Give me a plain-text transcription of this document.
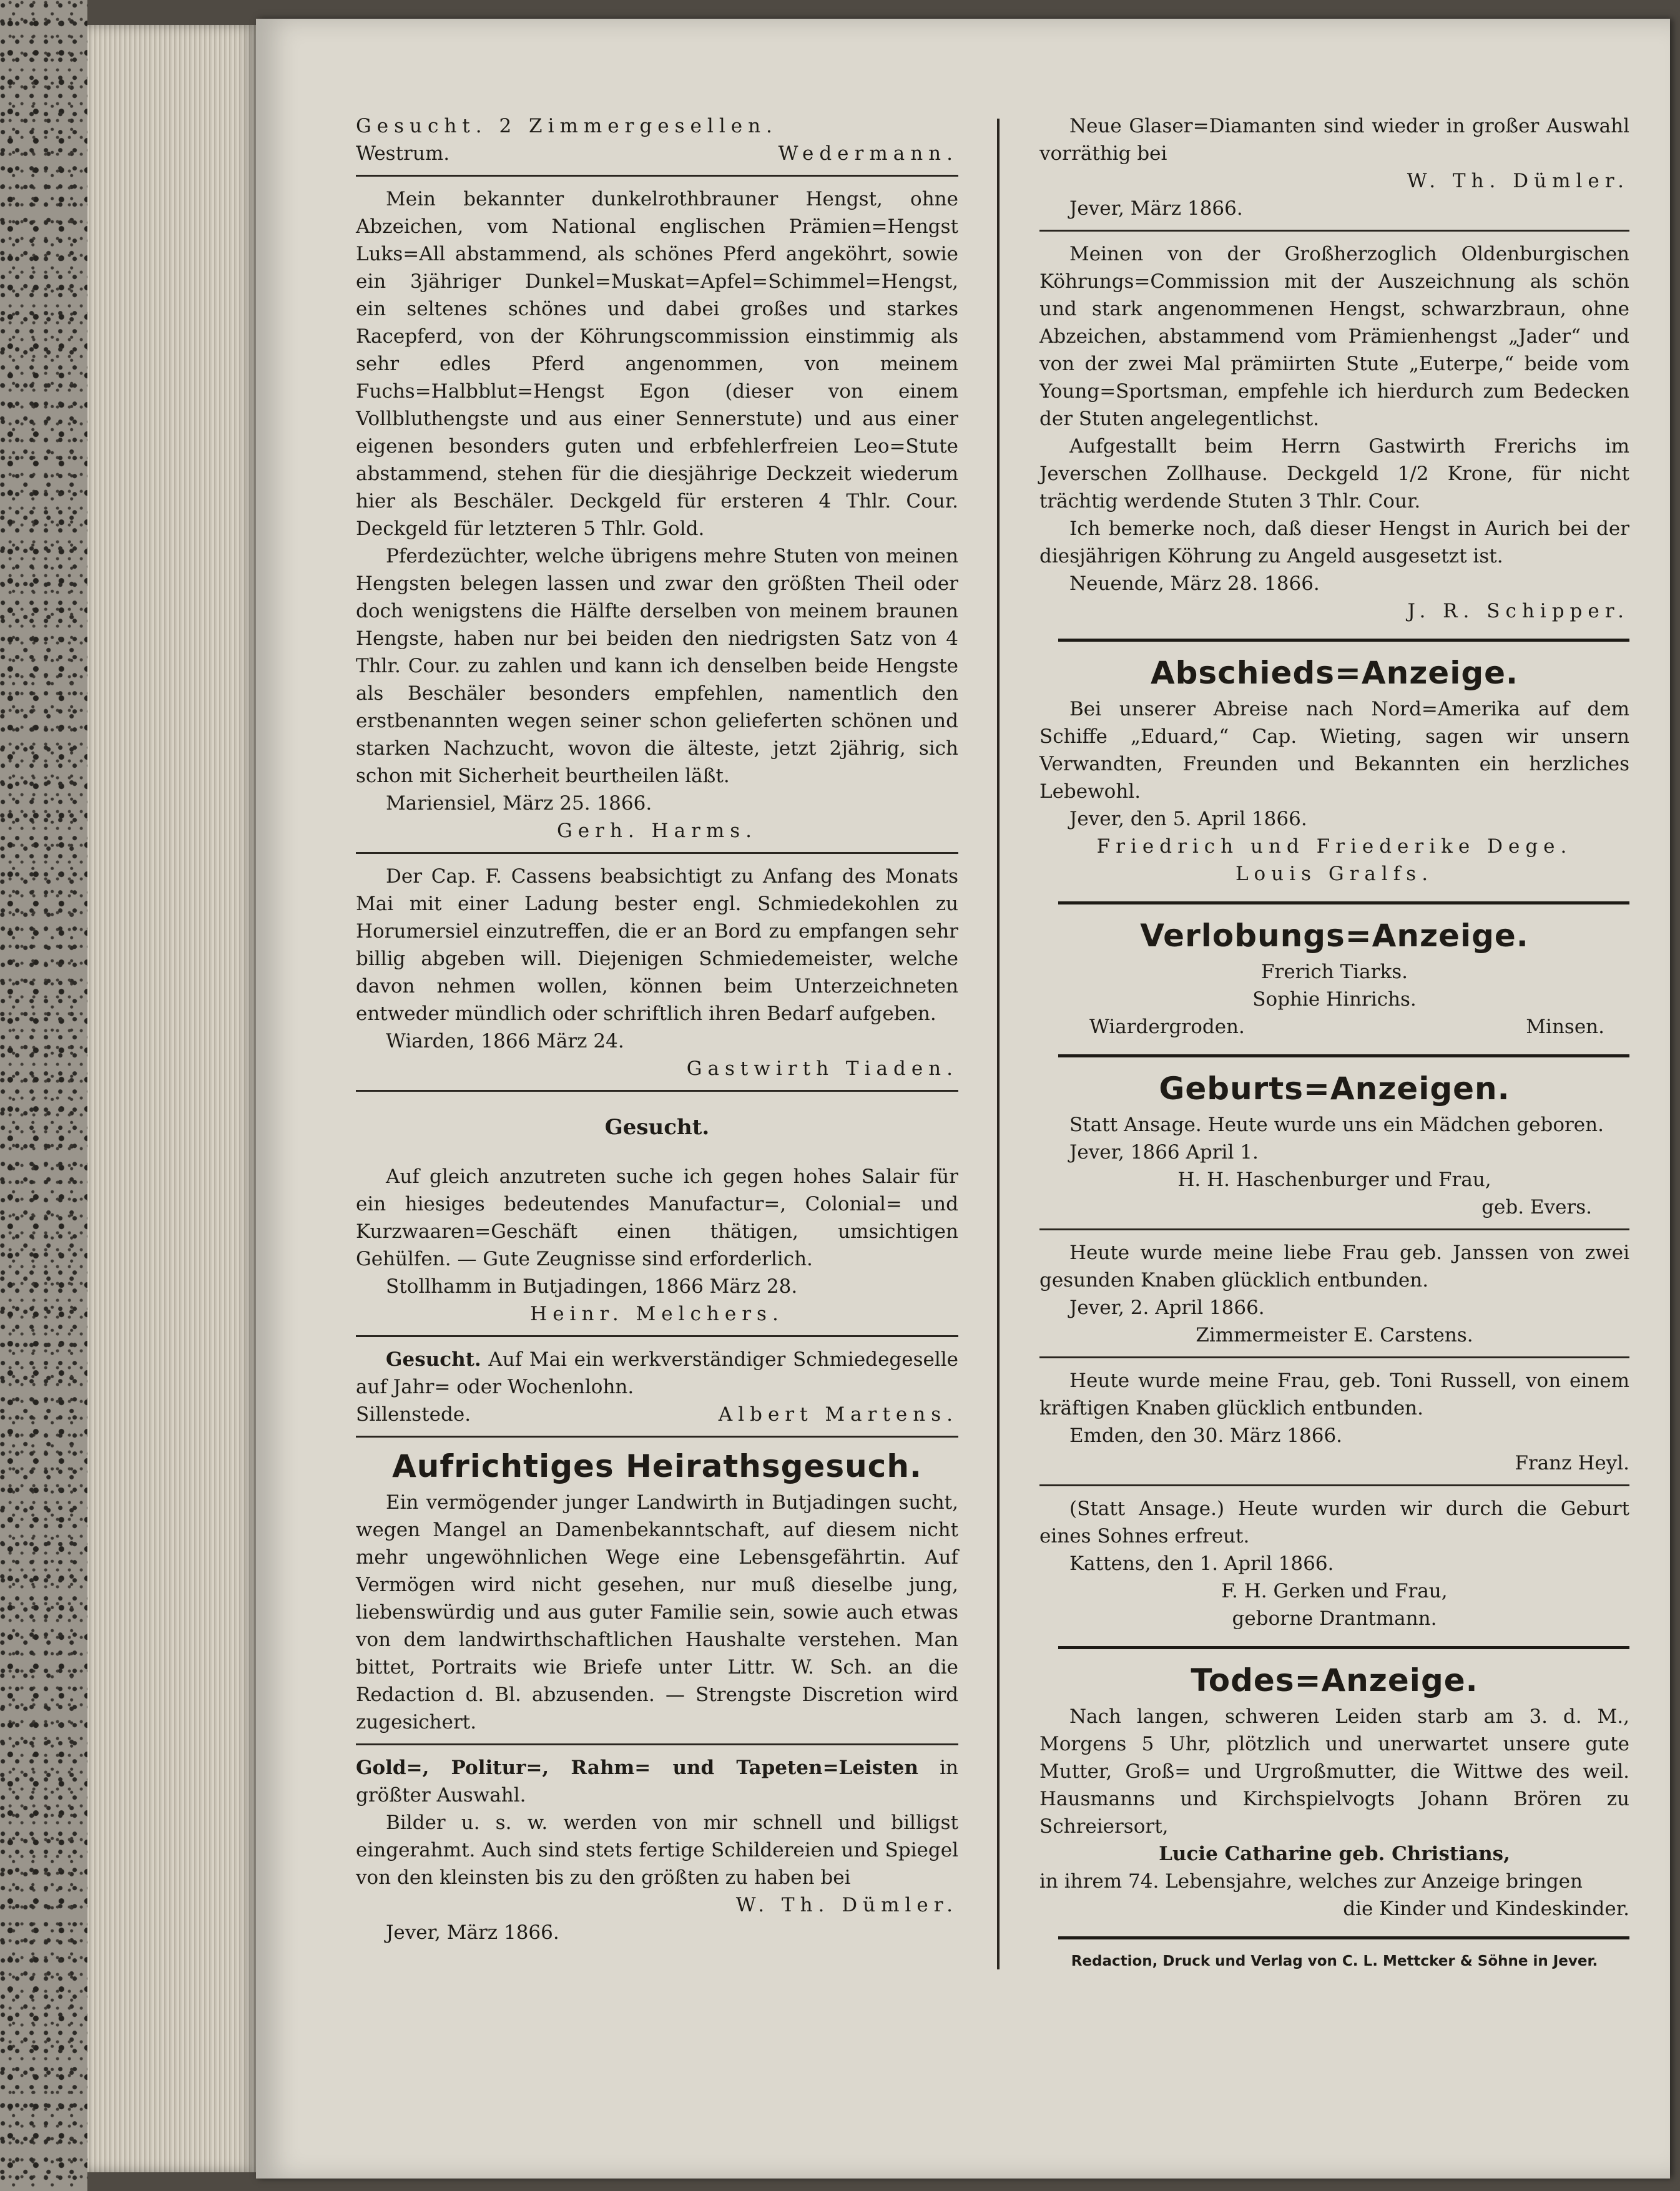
Gesucht. 2 Zimmergesellen.

Westrum.	Wedermann.

Mein bekannter dunkelrothbrauner Hengst, ohne Abzeichen, vom National englischen Prämien=Hengst Luks=All abstammend, als schönes Pferd angeköhrt, sowie ein 3jähriger Dunkel=Muskat=Apfel=Schimmel=Hengst, ein seltenes schönes und dabei großes und starkes Racepferd, von der Köhrungscommission einstimmig als sehr edles Pferd angenommen, von meinem Fuchs=Halbblut=Hengst Egon (dieser von einem Vollbluthengste und aus einer Sennerstute) und aus einer eigenen besonders guten und erbfehlerfreien Leo=Stute abstammend, stehen für die diesjährige Deckzeit wiederum hier als Beschäler. Deckgeld für ersteren 4 Thlr. Cour. Deckgeld für letzteren 5 Thlr. Gold.

Pferdezüchter, welche übrigens mehre Stuten von meinen Hengsten belegen lassen und zwar den größten Theil oder doch wenigstens die Hälfte derselben von meinem braunen Hengste, haben nur bei beiden den niedrigsten Satz von 4 Thlr. Cour. zu zahlen und kann ich denselben beide Hengste als Beschäler besonders empfehlen, namentlich den erstbenannten wegen seiner schon gelieferten schönen und starken Nachzucht, wovon die älteste, jetzt 2jährig, sich schon mit Sicherheit beurtheilen läßt.

Mariensiel, März 25. 1866.

Gerh. Harms.

Der Cap. F. Cassens beabsichtigt zu Anfang des Monats Mai mit einer Ladung bester engl. Schmiedekohlen zu Horumersiel einzutreffen, die er an Bord zu empfangen sehr billig abgeben will. Diejenigen Schmiedemeister, welche davon nehmen wollen, können beim Unterzeichneten entweder mündlich oder schriftlich ihren Bedarf aufgeben.

Wiarden, 1866 März 24.

Gastwirth Tiaden.

Gesucht.

Auf gleich anzutreten suche ich gegen hohes Salair für ein hiesiges bedeutendes Manufactur=, Colonial= und Kurzwaaren=Geschäft einen thätigen, umsichtigen Gehülfen. — Gute Zeugnisse sind erforderlich.

Stollhamm in Butjadingen, 1866 März 28.

Heinr. Melchers.

Gesucht. Auf Mai ein werkverständiger Schmiedegeselle auf Jahr= oder Wochenlohn.

Sillenstede.	Albert Martens.

Aufrichtiges Heirathsgesuch.

Ein vermögender junger Landwirth in Butjadingen sucht, wegen Mangel an Damenbekanntschaft, auf diesem nicht mehr ungewöhnlichen Wege eine Lebensgefährtin. Auf Vermögen wird nicht gesehen, nur muß dieselbe jung, liebenswürdig und aus guter Familie sein, sowie auch etwas von dem landwirthschaftlichen Haushalte verstehen. Man bittet, Portraits wie Briefe unter Littr. W. Sch. an die Redaction d. Bl. abzusenden. — Strengste Discretion wird zugesichert.

Gold=, Politur=, Rahm= und Tapeten=Leisten in größter Auswahl.

Bilder u. s. w. werden von mir schnell und billigst eingerahmt. Auch sind stets fertige Schildereien und Spiegel von den kleinsten bis zu den größten zu haben bei

W. Th. Dümler.

Jever, März 1866.

Neue Glaser=Diamanten sind wieder in großer Auswahl vorräthig bei

W. Th. Dümler.

Jever, März 1866.

Meinen von der Großherzoglich Oldenburgischen Köhrungs=Commission mit der Auszeichnung als schön und stark angenommenen Hengst, schwarzbraun, ohne Abzeichen, abstammend vom Prämienhengst „Jader“ und von der zwei Mal prämiirten Stute „Euterpe,“ beide vom Young=Sportsman, empfehle ich hierdurch zum Bedecken der Stuten angelegentlichst.

Aufgestallt beim Herrn Gastwirth Frerichs im Jeverschen Zollhause. Deckgeld 1/2 Krone, für nicht trächtig werdende Stuten 3 Thlr. Cour.

Ich bemerke noch, daß dieser Hengst in Aurich bei der diesjährigen Köhrung zu Angeld ausgesetzt ist.

Neuende, März 28. 1866.

J. R. Schipper.

Abschieds=Anzeige.

Bei unserer Abreise nach Nord=Amerika auf dem Schiffe „Eduard,“ Cap. Wieting, sagen wir unsern Verwandten, Freunden und Bekannten ein herzliches Lebewohl.

Jever, den 5. April 1866.

Friedrich und Friederike Dege.

Louis Gralfs.

Verlobungs=Anzeige.

Frerich Tiarks.

Sophie Hinrichs.

Wiardergroden.	Minsen.

Geburts=Anzeigen.

Statt Ansage. Heute wurde uns ein Mädchen geboren.

Jever, 1866 April 1.

H. H. Haschenburger und Frau,

geb. Evers.

Heute wurde meine liebe Frau geb. Janssen von zwei gesunden Knaben glücklich entbunden.

Jever, 2. April 1866.

Zimmermeister E. Carstens.

Heute wurde meine Frau, geb. Toni Russell, von einem kräftigen Knaben glücklich entbunden.

Emden, den 30. März 1866.

Franz Heyl.

(Statt Ansage.) Heute wurden wir durch die Geburt eines Sohnes erfreut.

Kattens, den 1. April 1866.

F. H. Gerken und Frau,

geborne Drantmann.

Todes=Anzeige.

Nach langen, schweren Leiden starb am 3. d. M., Morgens 5 Uhr, plötzlich und unerwartet unsere gute Mutter, Groß= und Urgroßmutter, die Wittwe des weil. Hausmanns und Kirchspielvogts Johann Brören zu Schreiersort,

Lucie Catharine geb. Christians,

in ihrem 74. Lebensjahre, welches zur Anzeige bringen

die Kinder und Kindeskinder.

Redaction, Druck und Verlag von C. L. Mettcker & Söhne in Jever.
